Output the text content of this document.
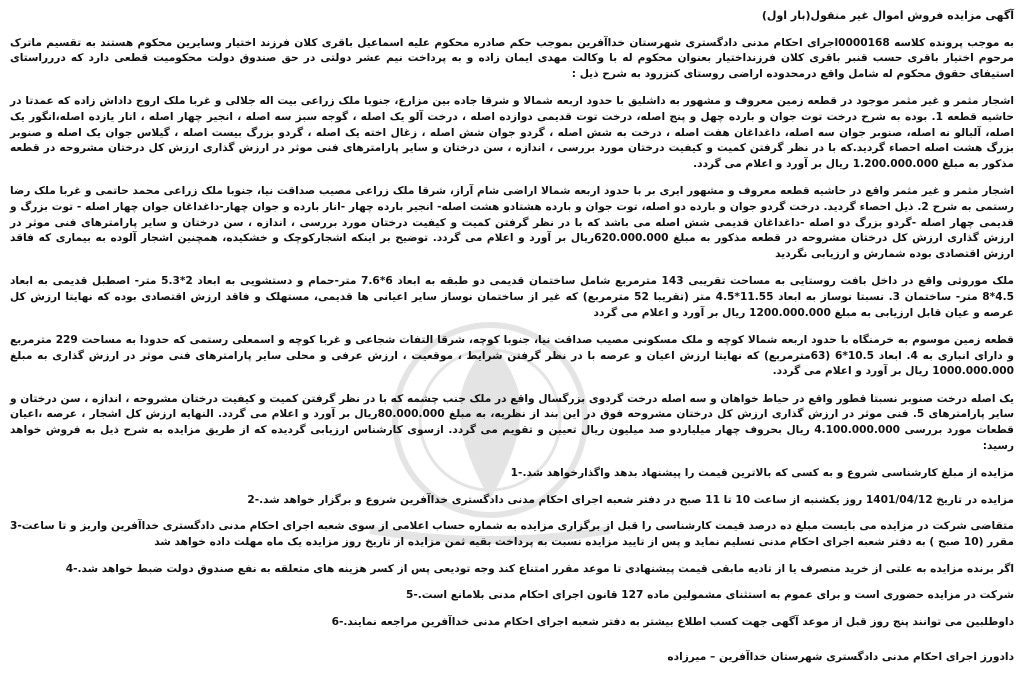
آگهی مزایده فروش اموال غیر منقول(بار اول)

به موجب پرونده کلاسه 0000168اجرای احکام مدنی دادگستری شهرستان خداآفرین بموجب حکم صادره محکوم علیه اسماعیل باقری کلان فرزند اختیار وسایرین محکوم هستند به تقسیم ماترک مرحوم اختیار باقری حسب قنبر باقری کلان فرزنداختیار بعنوان محکوم له با وکالت مهدی ایمان زاده و به پرداخت نیم عشر دولتی در حق صندوق دولت محکومیت قطعی دارد که دررراستای استیفای حقوق محکوم له شامل واقع درمحدوده اراضی روستای کنزرود به شرح ذیل :

اشجار مثمر و غیر مثمر موجود در قطعه زمین معروف و مشهور به داشلیق با حدود اربعه شمالا و شرقا جاده بین مزارع، جنوبا ملک زراعی بیت اله جلالی و غربا ملک اروج داداش زاده که عمدتا در حاشیه قطعه 1. بوده به شرح درخت توت جوان و بارده چهل و پنج اصله، درخت توت قدیمی دوازده اصله ، درخت آلو یک اصله ، گوجه سبز سه اصله ، انجیر چهار اصله ، انار یازده اصله،انگور یک اصله، آلبالو نه اصله، صنوبر جوان سه اصله، داغداغان هفت اصله ، درخت به شش اصله ، گردو جوان شش اصله ، زغال اخته یک اصله ، گردو بزرگ بیست اصله ، گیلاس جوان یک اصله و صنوبر بزرگ هشت اصله احصاء گردید.که با در نظر گرفتن کمیت و کیفیت درختان مورد بررسی ، اندازه ، سن درختان و سایر پارامترهای فنی موثر در ارزش گذاری ارزش کل درختان مشروحه در قطعه مذکور به مبلغ 1.200.000.000 ریال بر آورد و اعلام می گردد.

اشجار مثمر و غیر مثمر واقع در حاشیه قطعه معروف و مشهور ایری بر با حدود اربعه شمالا اراضی شام آراز، شرقا ملک زراعی مصیب صداقت نیا، جنوبا ملک زراعی محمد حاتمی و غربا ملک رضا رستمی به شرح 2. ذیل احصاء گردید. درخت گردو جوان و بارده دو اصله، توت جوان و بارده هشتادو هشت اصله- انجیر بارده چهار -انار بارده و جوان چهار-داغداغان جوان چهار اصله - توت بزرگ و قدیمی چهار اصله -گردو بزرگ دو اصله -داغداغان قدیمی شش اصله می باشد که با در نظر گرفتن کمیت و کیفیت درختان مورد بررسی ، اندازه ، سن درختان و سایر پارامترهای فنی موثر در ارزش گذاری ارزش کل درختان مشروحه در قطعه مذکور به مبلغ 620.000.000ریال بر آورد و اعلام می گردد. توضیح بر اینکه اشجارکوچک و خشکیده، همچنین اشجار آلوده به بیماری که فاقد ارزش اقتصادی بوده شمارش و ارزیابی نگردید

ملک موروثی واقع در داخل بافت روستایی به مساحت تقریبی 143 مترمربع شامل ساختمان قدیمی دو طبقه به ابعاد 6*7.6 متر-حمام و دستشویی به ابعاد 2*5.3 متر- اصطبل قدیمی به ابعاد 4.5*8 متر- ساختمان 3. نسبتا نوساز به ابعاد 11.55*4.5 متر (تقریبا 52 مترمربع) که غیر از ساختمان نوساز سایر اعیانی ها قدیمی، مستهلک و فاقد ارزش اقتصادی بوده که نهایتا ارزش کل عرصه و عیان قابل ارزیابی به مبلغ 1200.000.000 ریال بر آورد و اعلام می گردد

قطعه زمین موسوم به خرمنگاه با حدود اربعه شمالا کوچه و ملک مسکونی مصیب صداقت نیا، جنوبا کوچه، شرقا التفات شجاعی و غربا کوچه و اسمعلی رستمی که حدودا به مساحت 229 مترمربع و دارای انباری به 4. ابعاد 10.5*6 (63مترمربع) که نهایتا ارزش اعیان و عرصه با در نظر گرفتن شرایط ، موقعیت ، ارزش عرفی و محلی سایر پارامترهای فنی موثر در ارزش گذاری به مبلغ 1000.000.000 ریال بر آورد و اعلام می گردد.

یک اصله درخت صنوبر نسبتا قطور واقع در حیاط خواهان و سه اصله درخت گردوی بزرگسال واقع در ملک جنب چشمه که با در نظر گرفتن کمیت و کیفیت درختان مشروحه ، اندازه ، سن درختان و سایر پارامترهای 5. فنی موثر در ارزش گذاری ارزش کل درختان مشروحه فوق در این بند از نظریه، به مبلغ 80.000.000ریال بر آورد و اعلام می گردد. النهایه ارزش کل اشجار ، عرصه ،اعیان قطعات مورد بررسی 4.100.000.000 ریال بحروف چهار میلیاردو صد میلیون ریال تعیین و تقویم می گردد. ازسوی کارشناس ارزیابی گردیده که از طریق مزایده به شرح ذیل به فروش خواهد رسید:

مزایده از مبلغ کارشناسی شروع و به کسی که بالاترین قیمت را پیشنهاد بدهد واگذارخواهد شد.-1

مزایده در تاریخ 1401/04/12 روز یکشنبه از ساعت 10 تا 11 صبح در دفتر شعبه اجرای احکام مدنی دادگستری خداآفرین شروع و برگزار خواهد شد.-2

متقاضی شرکت در مزایده می بایست مبلغ ده درصد قیمت کارشناسی را قبل از برگزاری مزایده به شماره حساب اعلامی از سوی شعبه اجرای احکام مدنی دادگستری خداآفرین واریز و تا ساعت-3 مقرر (10 صبح ) به دفتر شعبه اجرای احکام مدنی تسلیم نماید و پس از تایید مزایده نسبت به پرداخت بقیه ثمن مزایده از تاریخ روز مزایده یک ماه مهلت داده خواهد شد

اگر برنده مزایده به علتی از خرید منصرف یا از تادیه مابقی قیمت پیشنهادی تا موعد مقرر امتناع کند وجه تودیعی پس از کسر هزینه های متعلقه به نفع صندوق دولت ضبط خواهد شد.-4

شرکت در مزایده حضوری است و برای عموم به استثنای مشمولین ماده 127 قانون اجرای احکام مدنی بلامانع است.-5

داوطلبین می توانند پنج روز قبل از موعد آگهی جهت کسب اطلاع بیشتر به دفتر شعبه اجرای احکام مدنی خداآفرین مراجعه نمایند.-6

دادورز اجرای احکام مدنی دادگستری شهرستان خداآفرین – میرزاده
